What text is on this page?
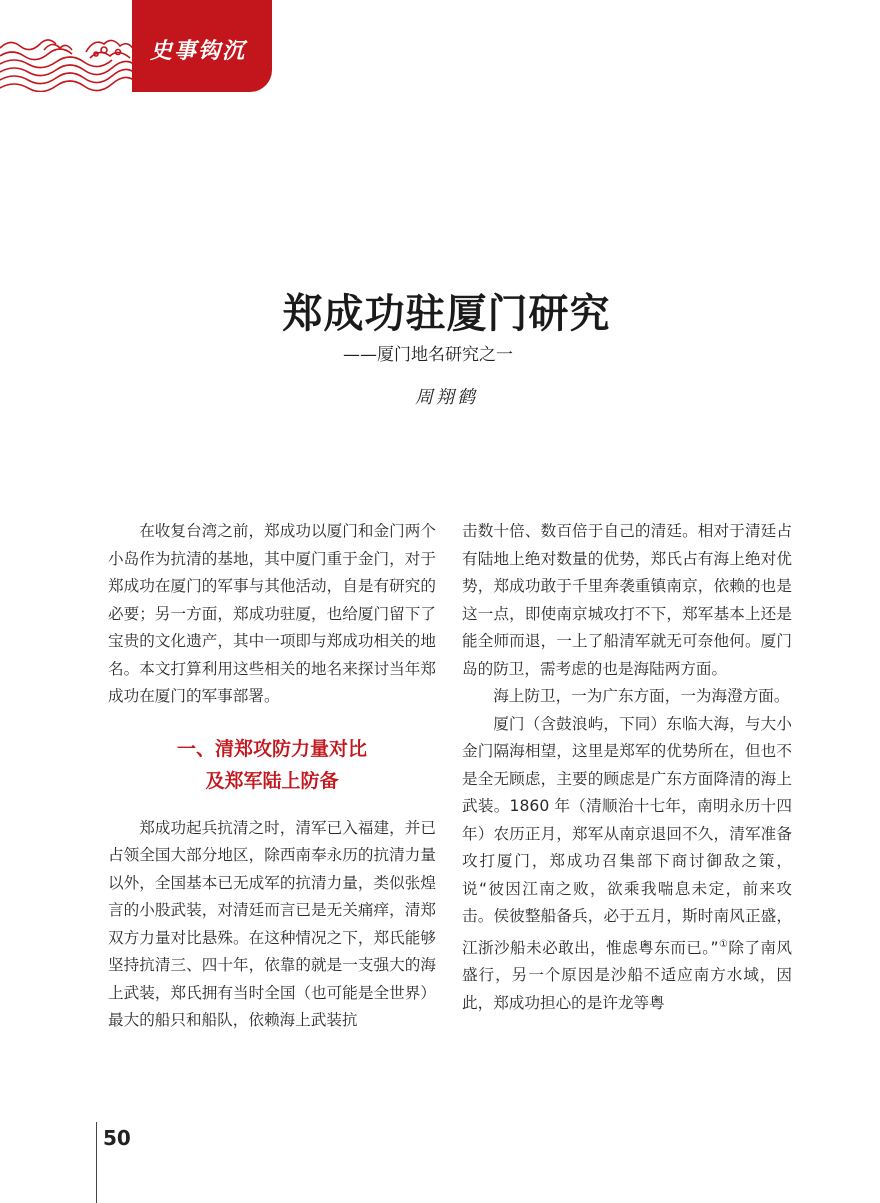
史事钩沉
郑成功驻厦门研究
——厦门地名研究之一
周翔鹤

在收复台湾之前，郑成功以厦门和金门两个小岛作为抗清的基地，其中厦门重于金门，对于郑成功在厦门的军事与其他活动，自是有研究的必要；另一方面，郑成功驻厦，也给厦门留下了宝贵的文化遗产，其中一项即与郑成功相关的地名。本文打算利用这些相关的地名来探讨当年郑成功在厦门的军事部署。

一、清郑攻防力量对比
及郑军陆上防备

郑成功起兵抗清之时，清军已入福建，并已占领全国大部分地区，除西南奉永历的抗清力量以外，全国基本已无成军的抗清力量，类似张煌言的小股武装，对清廷而言已是无关痛痒，清郑双方力量对比悬殊。在这种情况之下，郑氏能够坚持抗清三、四十年，依靠的就是一支强大的海上武装，郑氏拥有当时全国（也可能是全世界）最大的船只和船队，依赖海上武装抗

击数十倍、数百倍于自己的清廷。相对于清廷占有陆地上绝对数量的优势，郑氏占有海上绝对优势，郑成功敢于千里奔袭重镇南京，依赖的也是这一点，即使南京城攻打不下，郑军基本上还是能全师而退，一上了船清军就无可奈他何。厦门岛的防卫，需考虑的也是海陆两方面。

海上防卫，一为广东方面，一为海澄方面。

厦门（含鼓浪屿，下同）东临大海，与大小金门隔海相望，这里是郑军的优势所在，但也不是全无顾虑，主要的顾虑是广东方面降清的海上武装。1860 年（清顺治十七年，南明永历十四年）农历正月，郑军从南京退回不久，清军准备攻打厦门，郑成功召集部下商讨御敌之策，说“彼因江南之败，欲乘我喘息未定，前来攻击。侯彼整船备兵，必于五月，斯时南风正盛，江浙沙船未必敢出，惟虑粤东而已。”①除了南风盛行，另一个原因是沙船不适应南方水域，因此，郑成功担心的是许龙等粤

50
